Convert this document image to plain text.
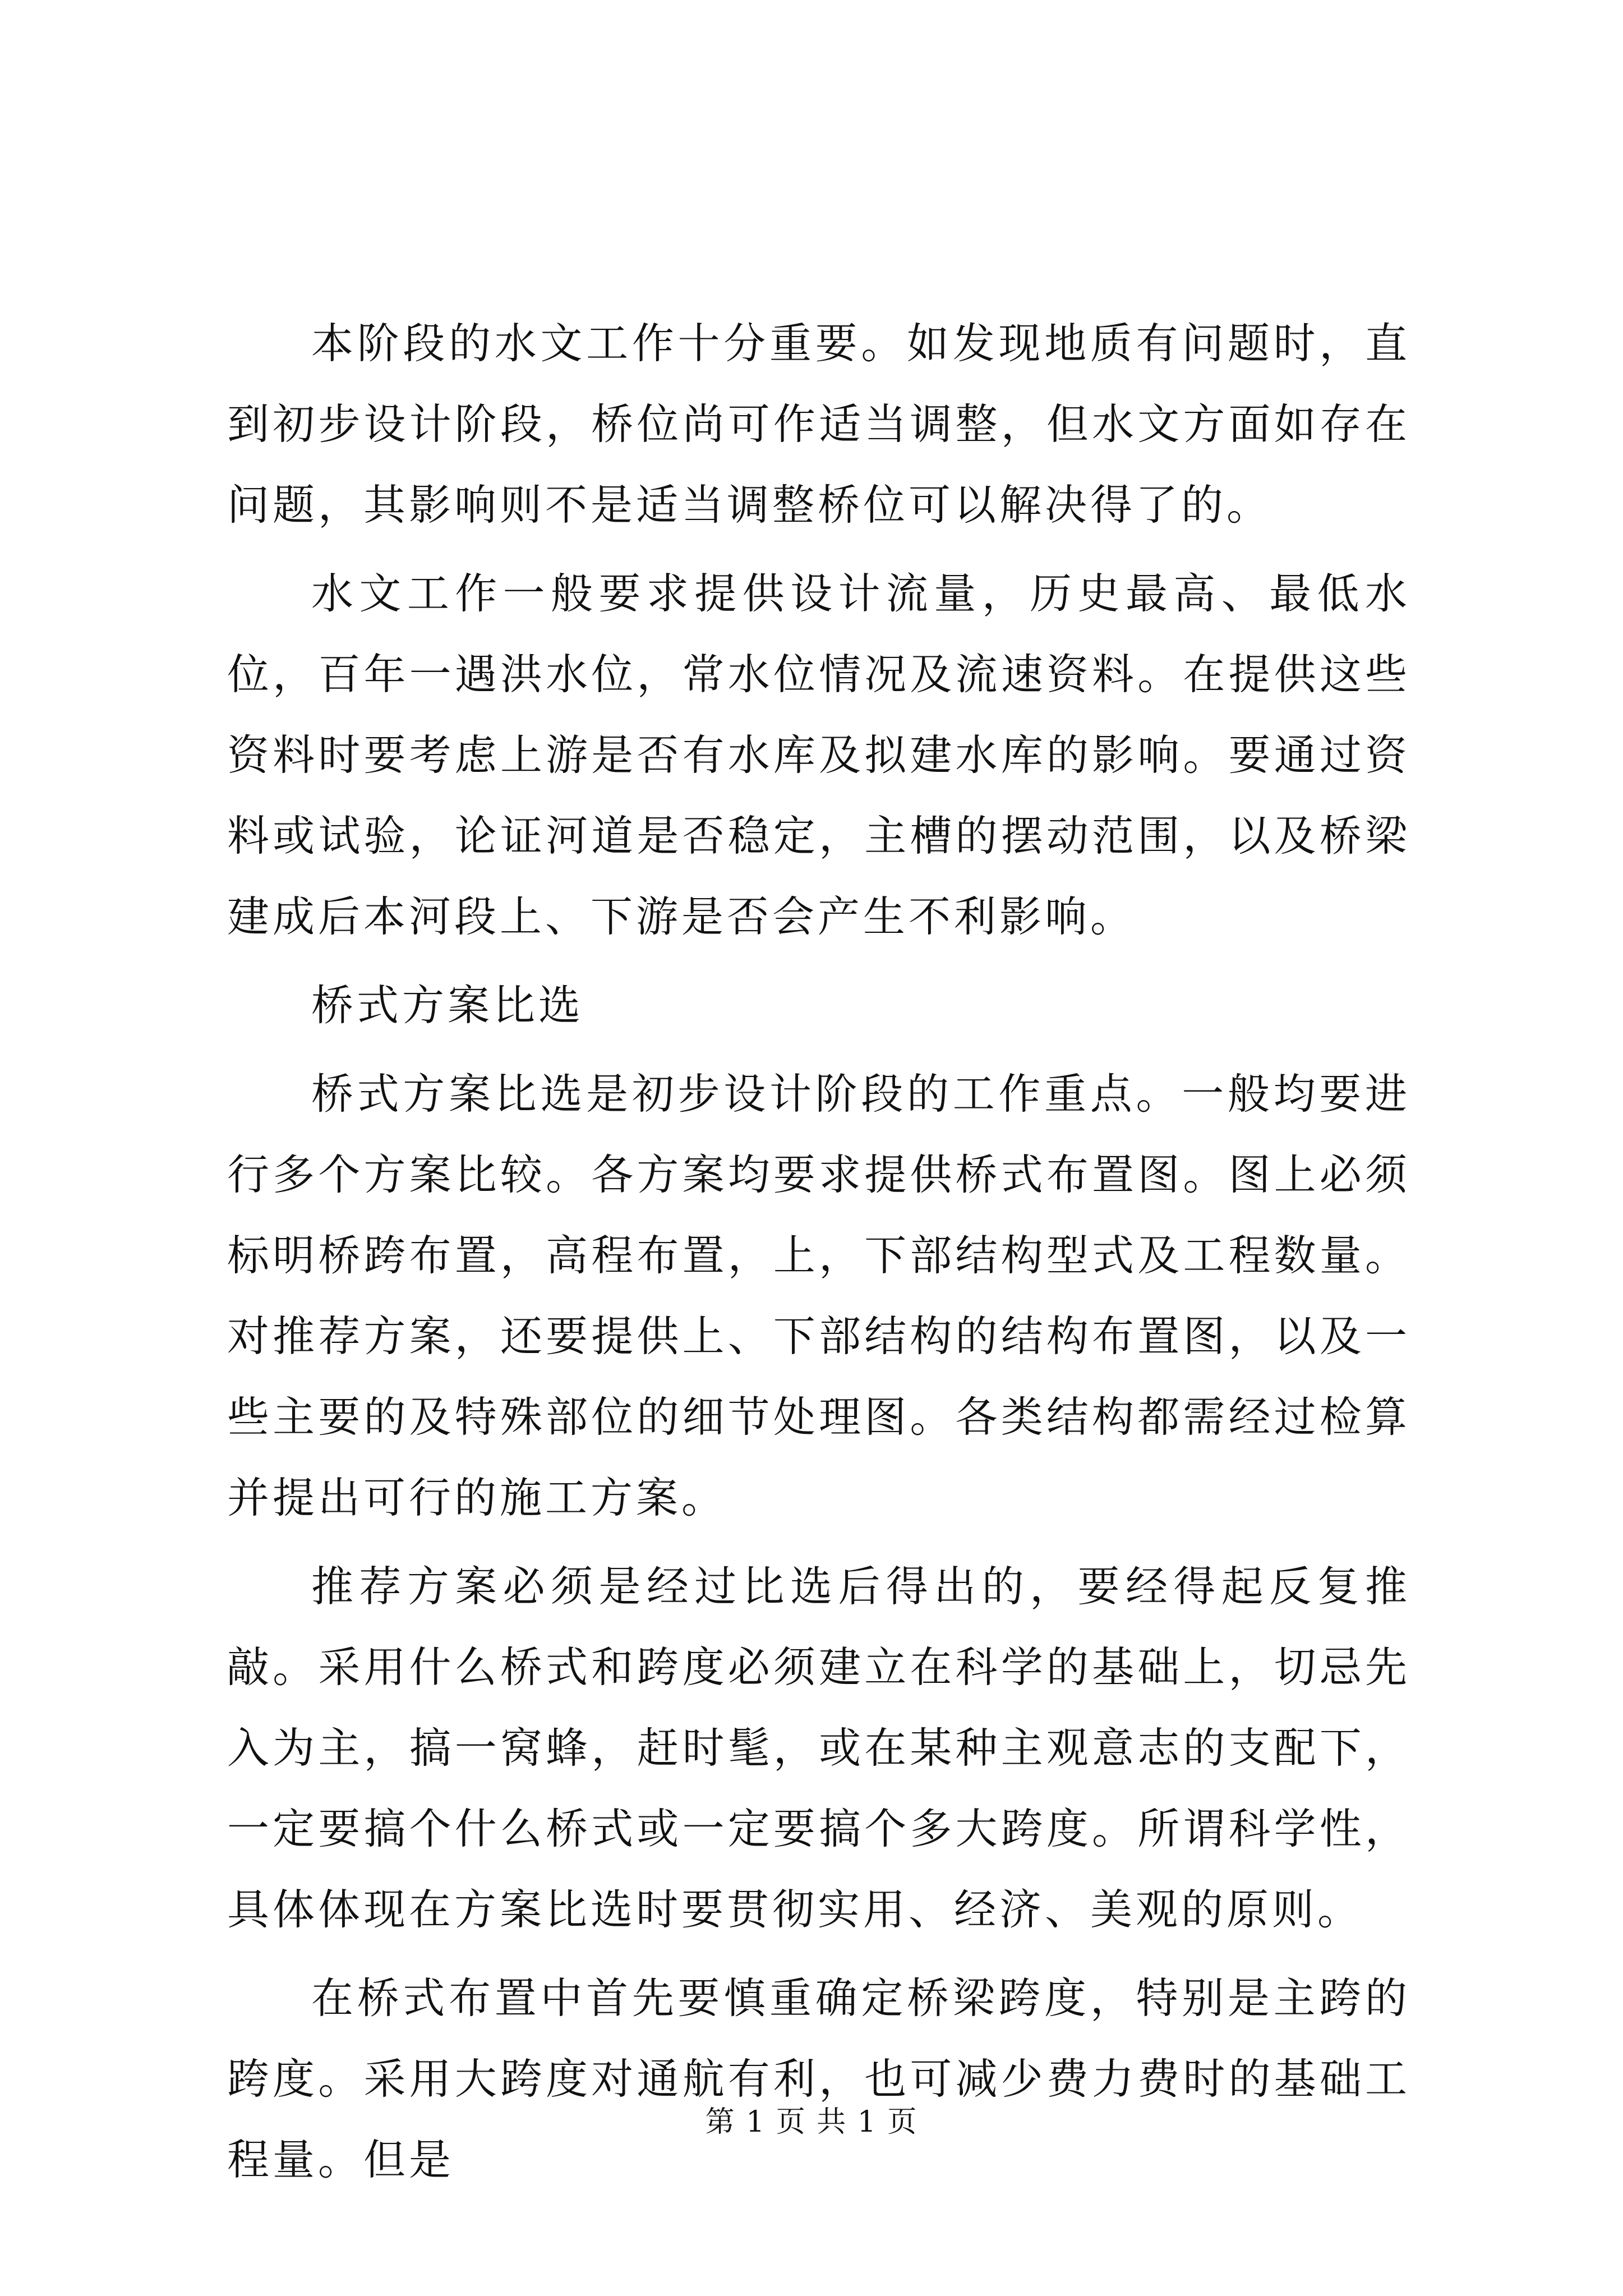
本阶段的水文工作十分重要。如发现地质有问题时，直到初步设计阶段，桥位尚可作适当调整，但水文方面如存在问题，其影响则不是适当调整桥位可以解决得了的。

水文工作一般要求提供设计流量，历史最高、最低水位，百年一遇洪水位，常水位情况及流速资料。在提供这些资料时要考虑上游是否有水库及拟建水库的影响。要通过资料或试验，论证河道是否稳定，主槽的摆动范围，以及桥梁建成后本河段上、下游是否会产生不利影响。

桥式方案比选

桥式方案比选是初步设计阶段的工作重点。一般均要进行多个方案比较。各方案均要求提供桥式布置图。图上必须标明桥跨布置，高程布置，上，下部结构型式及工程数量。对推荐方案，还要提供上、下部结构的结构布置图，以及一些主要的及特殊部位的细节处理图。各类结构都需经过检算并提出可行的施工方案。

推荐方案必须是经过比选后得出的，要经得起反复推敲。采用什么桥式和跨度必须建立在科学的基础上，切忌先入为主，搞一窝蜂，赶时髦，或在某种主观意志的支配下，一定要搞个什么桥式或一定要搞个多大跨度。所谓科学性，具体体现在方案比选时要贯彻实用、经济、美观的原则。

在桥式布置中首先要慎重确定桥梁跨度，特别是主跨的跨度。采用大跨度对通航有利，也可减少费力费时的基础工程量。但是

第 1 页 共 1 页
